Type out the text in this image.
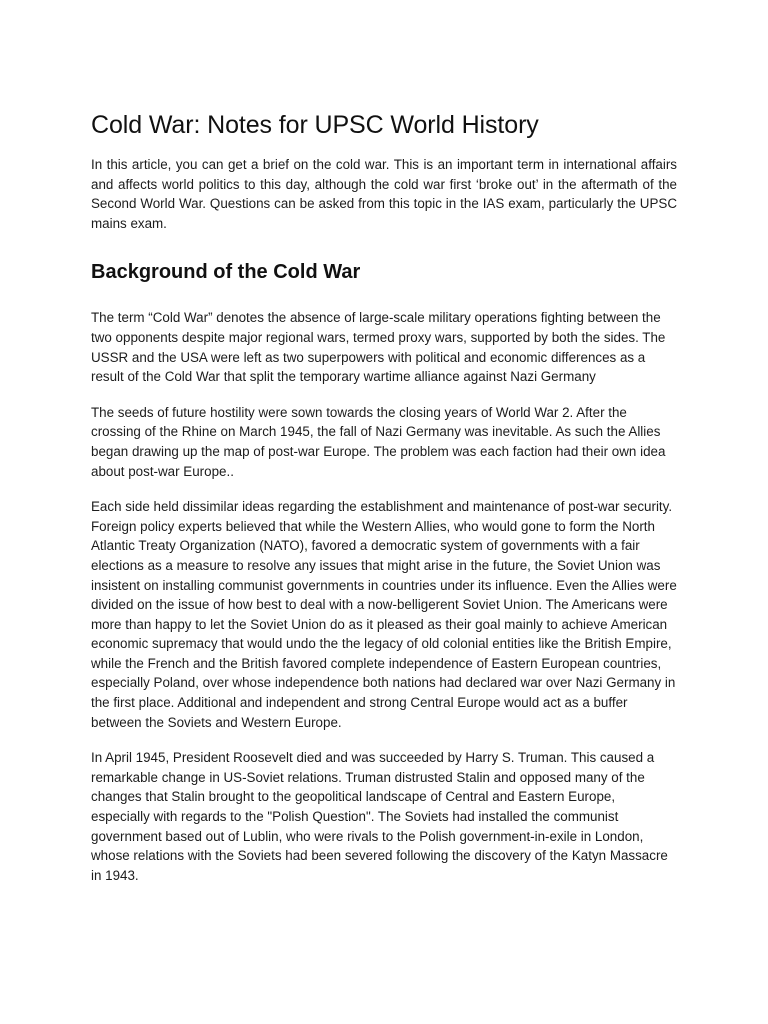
Cold War: Notes for UPSC World History

In this article, you can get a brief on the cold war. This is an important term in international affairs and affects world politics to this day, although the cold war first ‘broke out’ in the aftermath of the Second World War. Questions can be asked from this topic in the IAS exam, particularly the UPSC mains exam.

Background of the Cold War

The term “Cold War” denotes the absence of large-scale military operations fighting between the two opponents despite major regional wars, termed proxy wars, supported by both the sides. The USSR and the USA were left as two superpowers with political and economic differences as a result of the Cold War that split the temporary wartime alliance against Nazi Germany

The seeds of future hostility were sown towards the closing years of World War 2. After the crossing of the Rhine on March 1945, the fall of Nazi Germany was inevitable. As such the Allies began drawing up the map of post-war Europe. The problem was each faction had their own idea about post-war Europe..

Each side held dissimilar ideas regarding the establishment and maintenance of post-war security. Foreign policy experts believed that while the Western Allies, who would gone to form the North Atlantic Treaty Organization (NATO), favored a democratic system of governments with a fair elections as a measure to resolve any issues that might arise in the future, the Soviet Union was insistent on installing communist governments in countries under its influence. Even the Allies were divided on the issue of how best to deal with a now-belligerent Soviet Union. The Americans were more than happy to let the Soviet Union do as it pleased as their goal mainly to achieve American economic supremacy that would undo the the legacy of old colonial entities like the British Empire, while the French and the British favored complete independence of Eastern European countries, especially Poland, over whose independence both nations had declared war over Nazi Germany in the first place. Additional and independent and strong Central Europe would act as a buffer between the Soviets and Western Europe.

In April 1945, President Roosevelt died and was succeeded by Harry S. Truman. This caused a remarkable change in US-Soviet relations. Truman distrusted Stalin and opposed many of the changes that Stalin brought to the geopolitical landscape of Central and Eastern Europe, especially with regards to the "Polish Question". The Soviets had installed the communist government based out of Lublin, who were rivals to the Polish government-in-exile in London, whose relations with the Soviets had been severed following the discovery of the Katyn Massacre in 1943.
